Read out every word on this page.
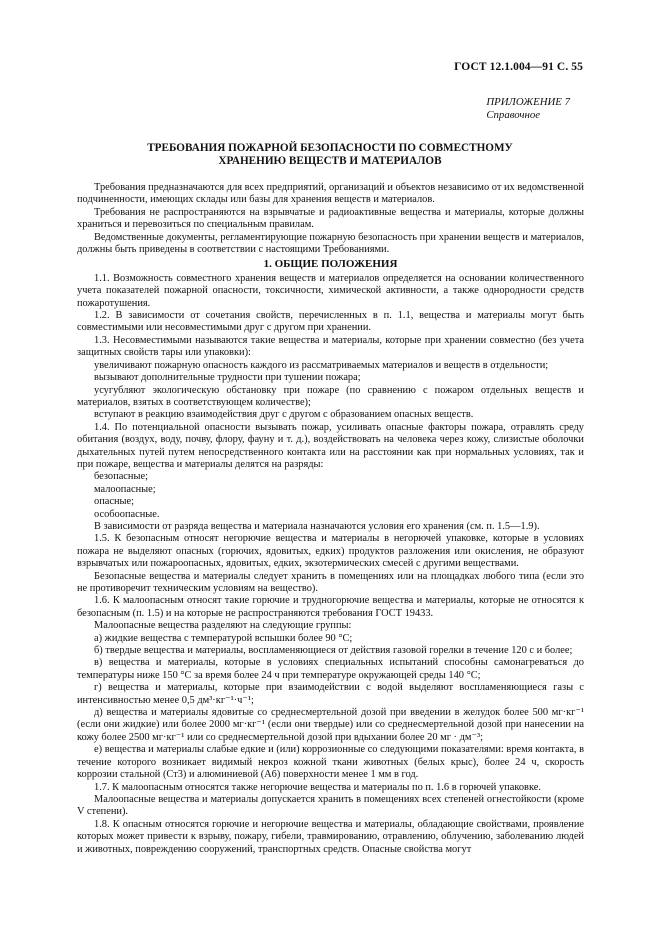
ГОСТ 12.1.004—91 С. 55
ПРИЛОЖЕНИЕ 7
Справочное
ТРЕБОВАНИЯ ПОЖАРНОЙ БЕЗОПАСНОСТИ ПО СОВМЕСТНОМУ
ХРАНЕНИЮ ВЕЩЕСТВ И МАТЕРИАЛОВ

Требования предназначаются для всех предприятий, организаций и объектов независимо от их ведомственной подчиненности, имеющих склады или базы для хранения веществ и материалов.

Требования не распространяются на взрывчатые и радиоактивные вещества и материалы, которые должны храниться и перевозиться по специальным правилам.

Ведомственные документы, регламентирующие пожарную безопасность при хранении веществ и материалов, должны быть приведены в соответствии с настоящими Требованиями.

1. ОБЩИЕ ПОЛОЖЕНИЯ

1.1. Возможность совместного хранения веществ и материалов определяется на основании количественного учета показателей пожарной опасности, токсичности, химической активности, а также однородности средств пожаротушения.

1.2. В зависимости от сочетания свойств, перечисленных в п. 1.1, вещества и материалы могут быть совместимыми или несовместимыми друг с другом при хранении.

1.3. Несовместимыми называются такие вещества и материалы, которые при хранении совместно (без учета защитных свойств тары или упаковки):

увеличивают пожарную опасность каждого из рассматриваемых материалов и веществ в отдельности;

вызывают дополнительные трудности при тушении пожара;

усугубляют экологическую обстановку при пожаре (по сравнению с пожаром отдельных веществ и материалов, взятых в соответствующем количестве);

вступают в реакцию взаимодействия друг с другом с образованием опасных веществ.

1.4. По потенциальной опасности вызывать пожар, усиливать опасные факторы пожара, отравлять среду обитания (воздух, воду, почву, флору, фауну и т. д.), воздействовать на человека через кожу, слизистые оболочки дыхательных путей путем непосредственного контакта или на расстоянии как при нормальных условиях, так и при пожаре, вещества и материалы делятся на разряды:

безопасные;

малоопасные;

опасные;

особоопасные.

В зависимости от разряда вещества и материала назначаются условия его хранения (см. п. 1.5—1.9).

1.5. К безопасным относят негорючие вещества и материалы в негорючей упаковке, которые в условиях пожара не выделяют опасных (горючих, ядовитых, едких) продуктов разложения или окисления, не образуют взрывчатых или пожароопасных, ядовитых, едких, экзотермических смесей с другими веществами.

Безопасные вещества и материалы следует хранить в помещениях или на площадках любого типа (если это не противоречит техническим условиям на вещество).

1.6. К малоопасным относят такие горючие и трудногорючие вещества и материалы, которые не относятся к безопасным (п. 1.5) и на которые не распространяются требования ГОСТ 19433.

Малоопасные вещества разделяют на следующие группы:

а) жидкие вещества с температурой вспышки более 90 °С;

б) твердые вещества и материалы, воспламеняющиеся от действия газовой горелки в течение 120 с и более;

в) вещества и материалы, которые в условиях специальных испытаний способны самонагреваться до температуры ниже 150 °С за время более 24 ч при температуре окружающей среды 140 °С;

г) вещества и материалы, которые при взаимодействии с водой выделяют воспламеняющиеся газы с интенсивностью менее 0,5 дм³·кг⁻¹·ч⁻¹;

д) вещества и материалы ядовитые со среднесмертельной дозой при введении в желудок более 500 мг·кг⁻¹ (если они жидкие) или более 2000 мг·кг⁻¹ (если они твердые) или со среднесмертельной дозой при нанесении на кожу более 2500 мг·кг⁻¹ или со среднесмертельной дозой при вдыхании более 20 мг · дм⁻³;

е) вещества и материалы слабые едкие и (или) коррозионные со следующими показателями: время контакта, в течение которого возникает видимый некроз кожной ткани животных (белых крыс), более 24 ч, скорость коррозии стальной (Ст3) и алюминиевой (А6) поверхности менее 1 мм в год.

1.7. К малоопасным относятся также негорючие вещества и материалы по п. 1.6 в горючей упаковке.

Малоопасные вещества и материалы допускается хранить в помещениях всех степеней огнестойкости (кроме V степени).

1.8. К опасным относятся горючие и негорючие вещества и материалы, обладающие свойствами, проявление которых может привести к взрыву, пожару, гибели, травмированию, отравлению, облучению, заболеванию людей и животных, повреждению сооружений, транспортных средств. Опасные свойства могут
